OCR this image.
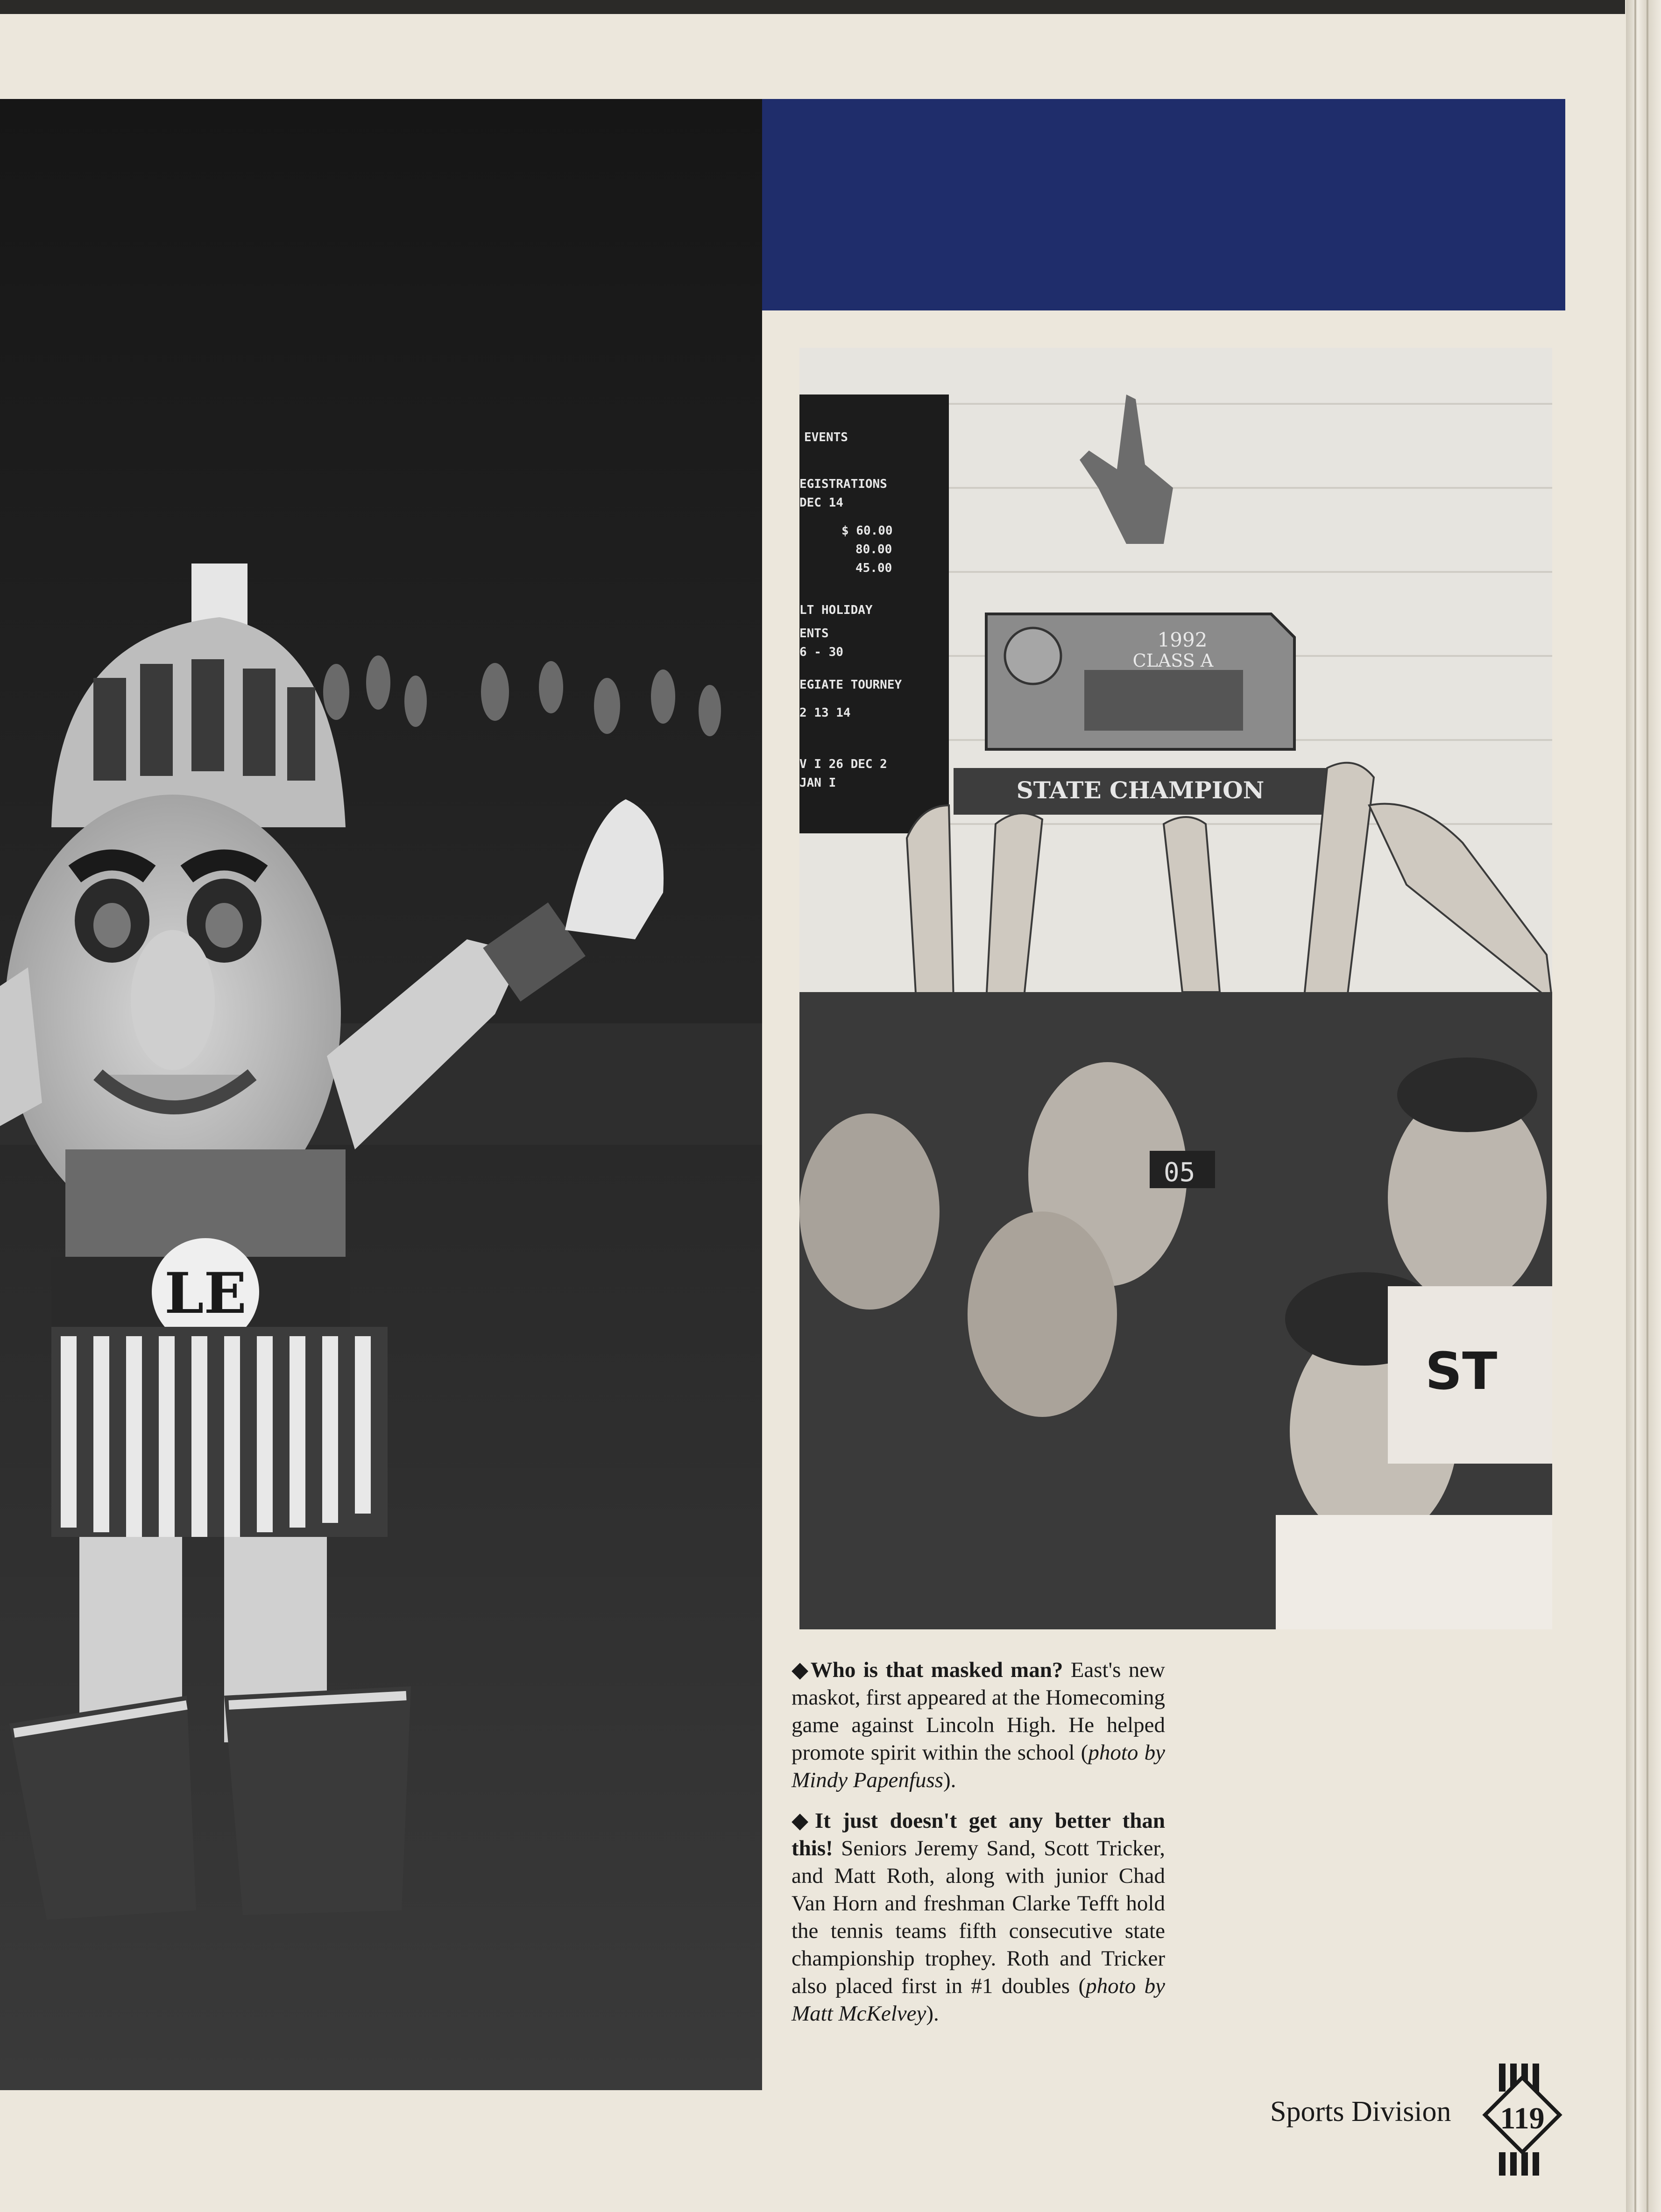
LE
EVENTS
EGISTRATIONS
DEC 14
$ 60.00
80.00
45.00
LT HOLIDAY
ENTS
6 - 30
EGIATE TOURNEY
2 13 14
V I 26 DEC 2
JAN I
1992
CLASS A
STATE CHAMPION
ST
05

◆Who is that masked man? East's new maskot, first appeared at the Homecoming game against Lincoln High. He helped promote spirit within the school (photo by Mindy Papenfuss).

◆It just doesn't get any better than this! Seniors Jeremy Sand, Scott Tricker, and Matt Roth, along with junior Chad Van Horn and freshman Clarke Tefft hold the tennis teams fifth consecutive state championship trophey. Roth and Tricker also placed first in #1 doubles (photo by Matt McKelvey).

Sports Division	119
